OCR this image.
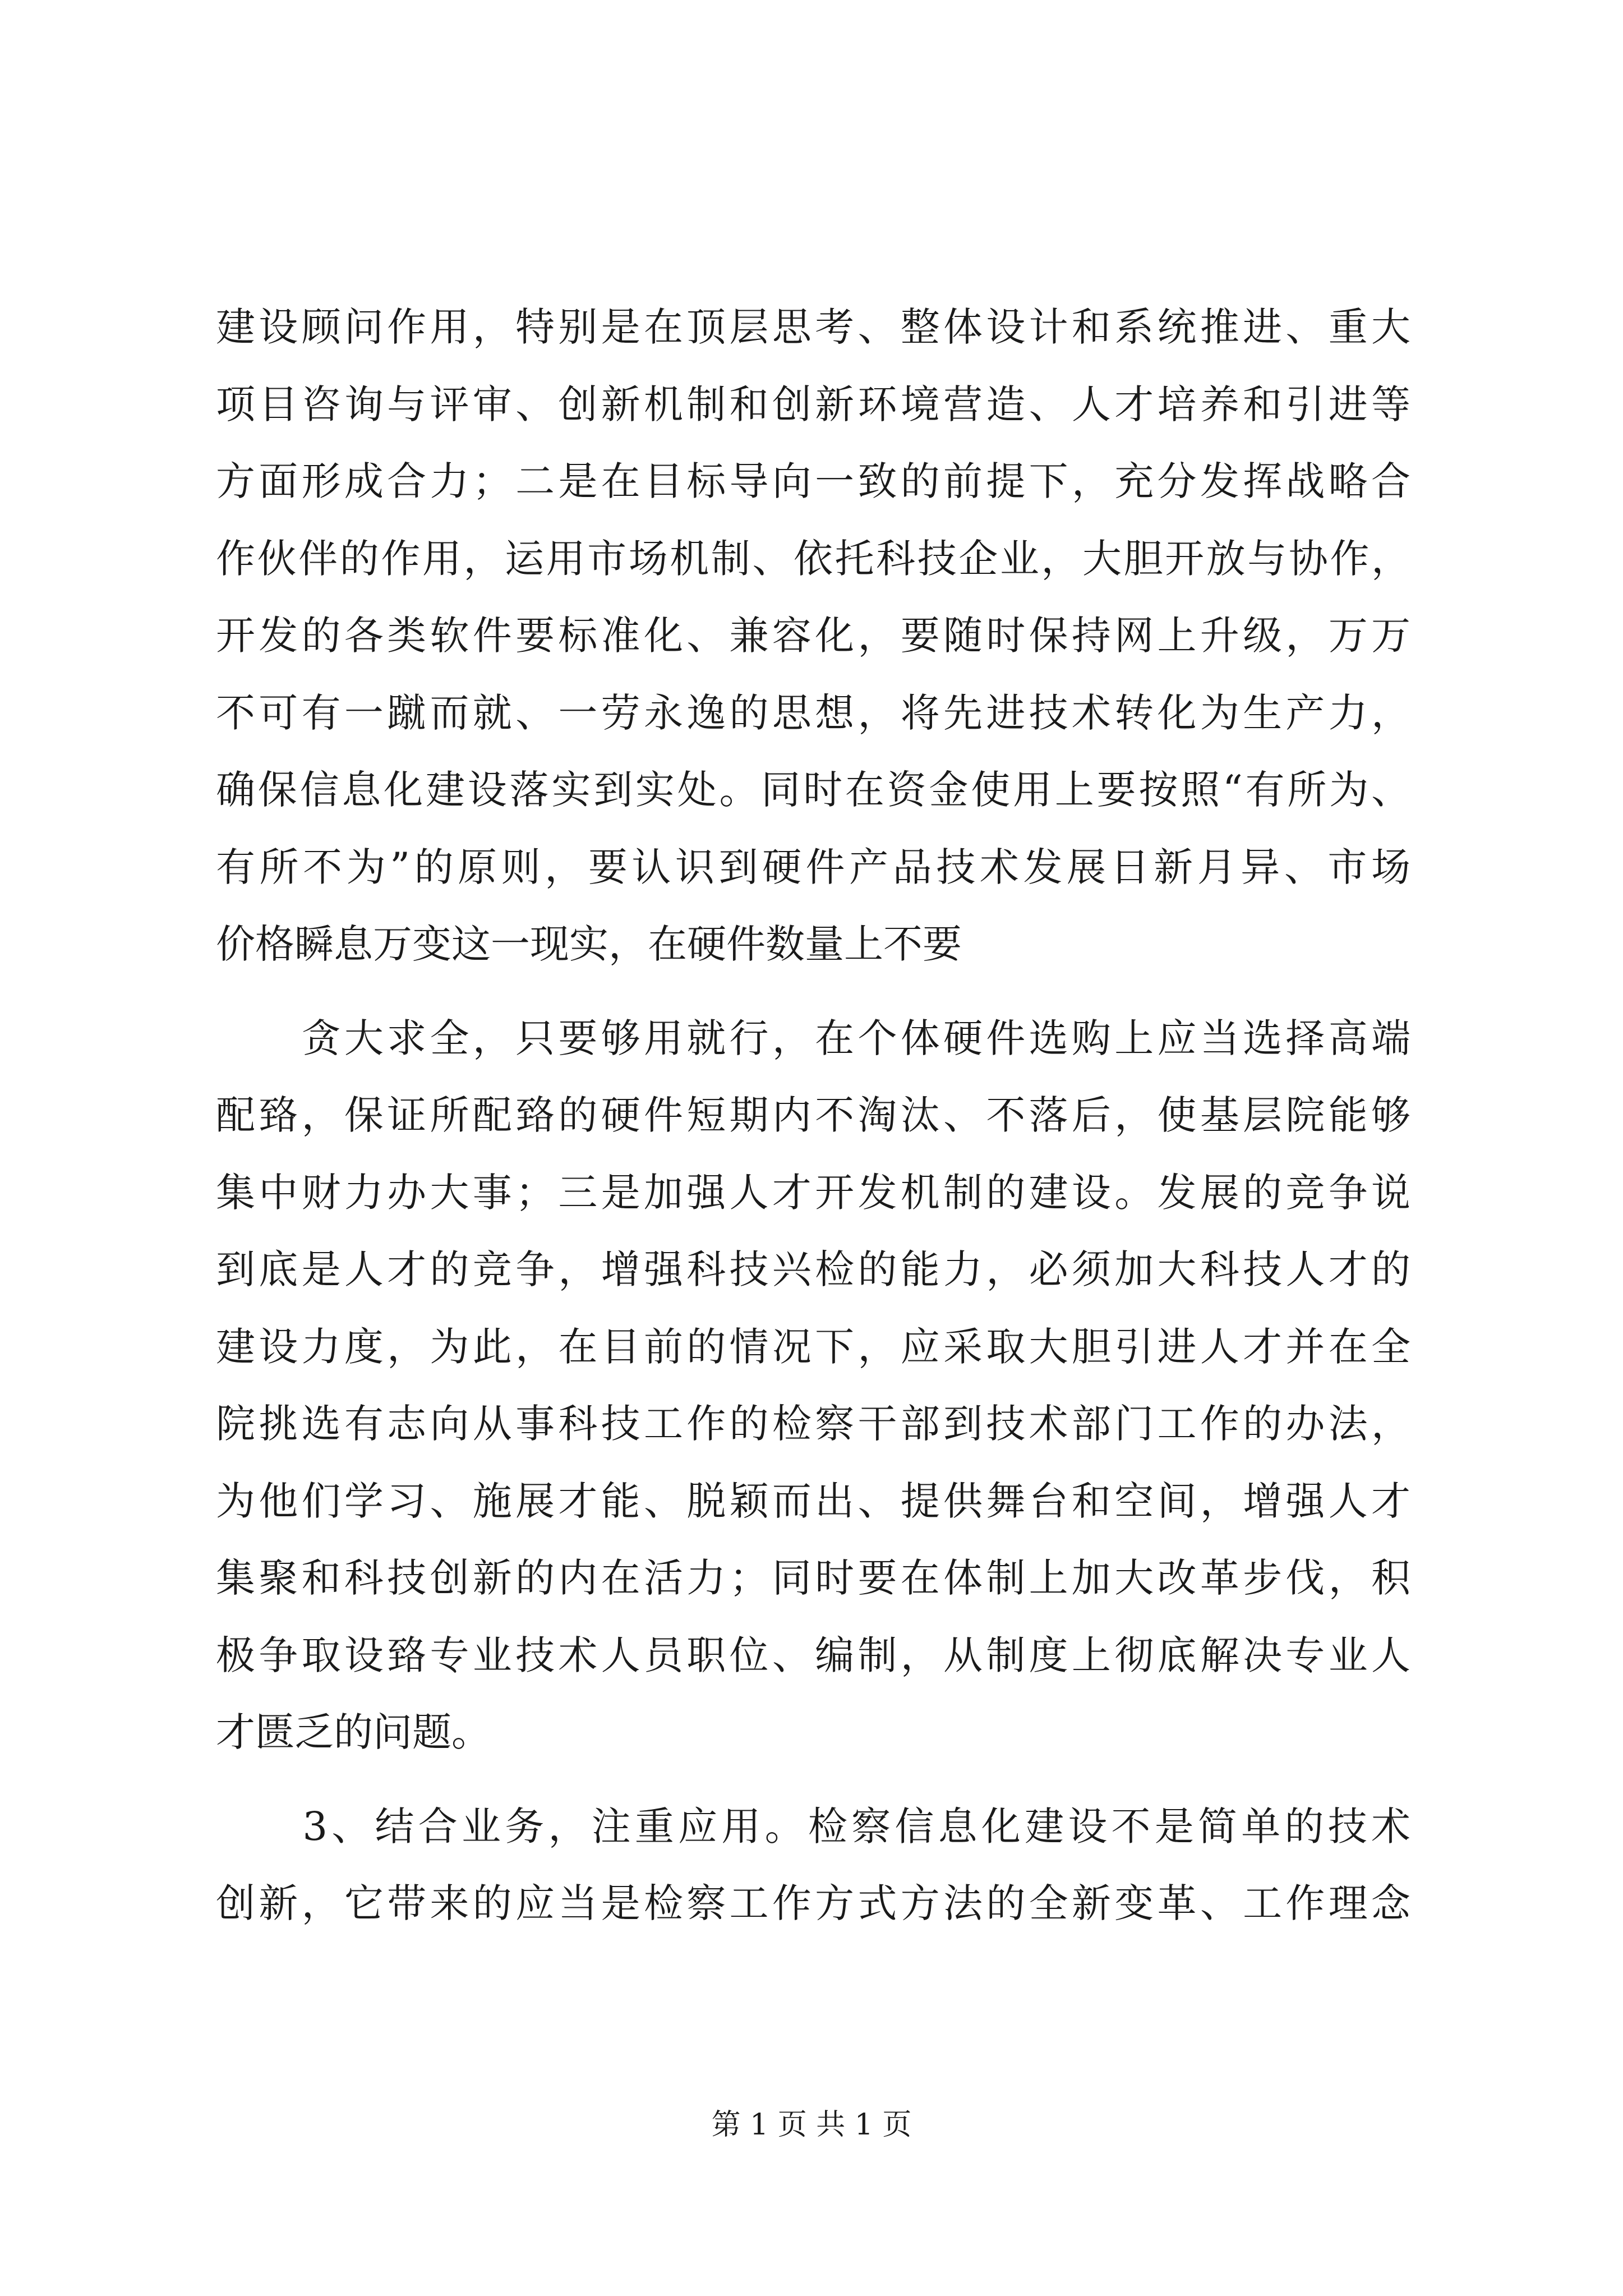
建设顾问作用，特别是在顶层思考、整体设计和系统推进、重大
项目咨询与评审、创新机制和创新环境营造、人才培养和引进等
方面形成合力；二是在目标导向一致的前提下，充分发挥战略合
作伙伴的作用，运用市场机制、依托科技企业，大胆开放与协作，
开发的各类软件要标准化、兼容化，要随时保持网上升级，万万
不可有一蹴而就、一劳永逸的思想，将先进技术转化为生产力，
确保信息化建设落实到实处。同时在资金使用上要按照“有所为、
有所不为”的原则，要认识到硬件产品技术发展日新月异、市场
价格瞬息万变这一现实，在硬件数量上不要
　　贪大求全，只要够用就行，在个体硬件选购上应当选择高端
配臵，保证所配臵的硬件短期内不淘汰、不落后，使基层院能够
集中财力办大事；三是加强人才开发机制的建设。发展的竞争说
到底是人才的竞争，增强科技兴检的能力，必须加大科技人才的
建设力度，为此，在目前的情况下，应采取大胆引进人才并在全
院挑选有志向从事科技工作的检察干部到技术部门工作的办法，
为他们学习、施展才能、脱颖而出、提供舞台和空间，增强人才
集聚和科技创新的内在活力；同时要在体制上加大改革步伐，积
极争取设臵专业技术人员职位、编制，从制度上彻底解决专业人
才匮乏的问题。
　　3、结合业务，注重应用。检察信息化建设不是简单的技术
创新，它带来的应当是检察工作方式方法的全新变革、工作理念
第 1 页 共 1 页
